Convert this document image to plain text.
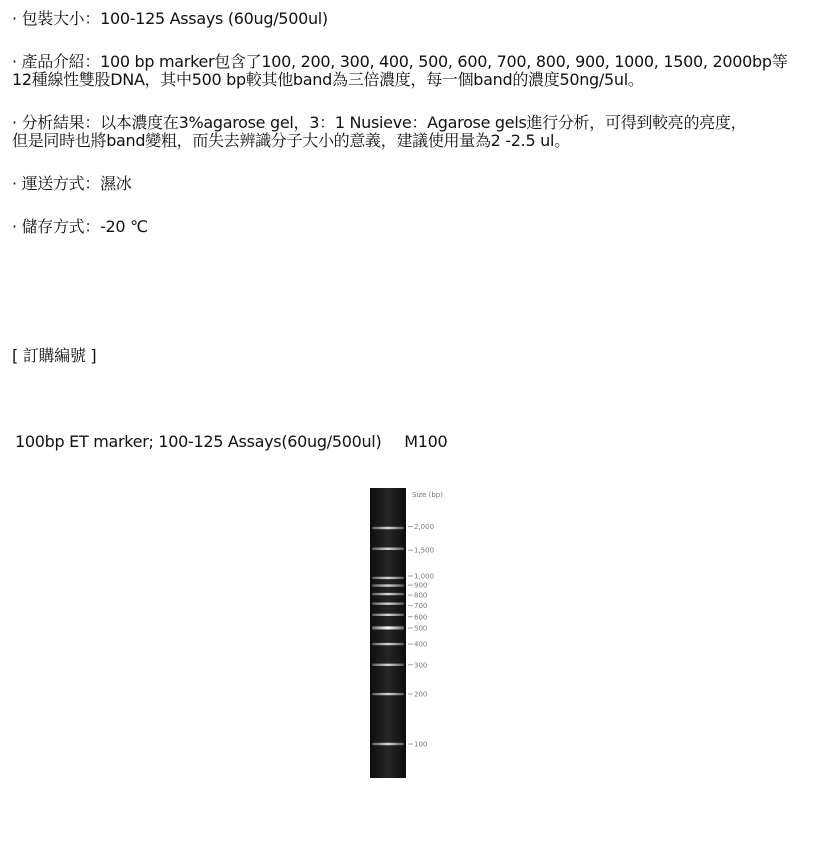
· 包裝大小：100-125 Assays (60ug/500ul)
· 產品介紹：100 bp marker包含了100, 200, 300, 400, 500, 600, 700, 800, 900, 1000, 1500, 2000bp等
12種線性雙股DNA，其中500 bp較其他band為三倍濃度，每一個band的濃度50ng/5ul。
· 分析結果：以本濃度在3%agarose gel，3：1 Nusieve：Agarose gels進行分析，可得到較亮的亮度，
但是同時也將band變粗，而失去辨識分子大小的意義，建議使用量為2 -2.5 ul。
· 運送方式：濕冰
· 儲存方式：-20 ℃
[ 訂購編號 ]
100bp ET marker; 100-125 Assays(60ug/500ul) M100
Size (bp)
2,000
1,500
1,000
900
800
700
600
500
400
300
200
100
